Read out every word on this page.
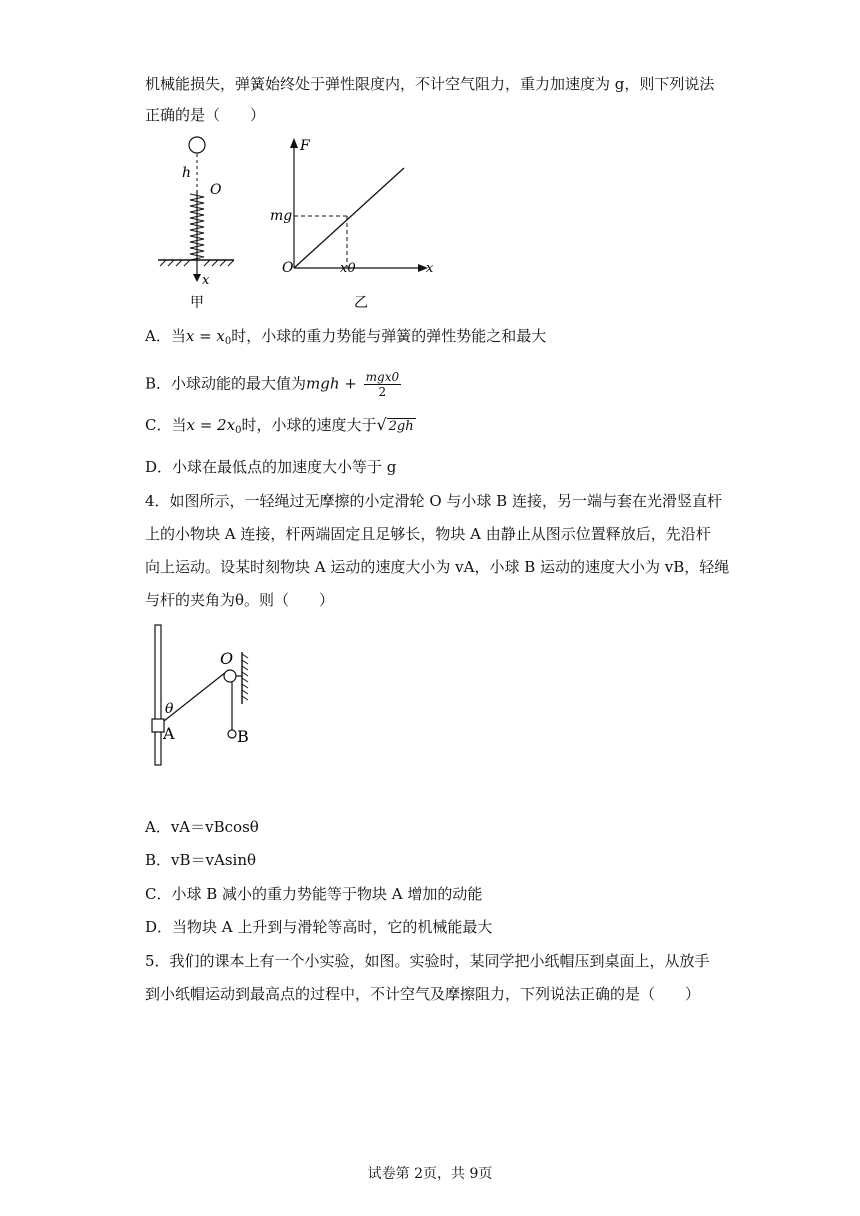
机械能损失，弹簧始终处于弹性限度内，不计空气阻力，重力加速度为 g，则下列说法
正确的是（　　）
h
O
x
甲
F
mg
O	x0	x
乙
A．当$x = x_0$时，小球的重力势能与弹簧的弹性势能之和最大
B．小球动能的最大值为mgh + $\frac{\text{mgx0}}{2}$
C．当$x = 2x_0$时，小球的速度大于√ 2gh
D．小球在最低点的加速度大小等于 g
4．如图所示，一轻绳过无摩擦的小定滑轮 O 与小球 B 连接，另一端与套在光滑竖直杆
上的小物块 A 连接，杆两端固定且足够长，物块 A 由静止从图示位置释放后，先沿杆
向上运动。设某时刻物块 A 运动的速度大小为 vA，小球 B 运动的速度大小为 vB，轻绳
与杆的夹角为θ。则（　　）
A
θ
O
B
A．vA＝vBcosθ
B．vB＝vAsinθ
C．小球 B 减小的重力势能等于物块 A 增加的动能
D．当物块 A 上升到与滑轮等高时，它的机械能最大
5．我们的课本上有一个小实验，如图。实验时，某同学把小纸帽压到桌面上，从放手
到小纸帽运动到最高点的过程中，不计空气及摩擦阻力，下列说法正确的是（　　）
试卷第 2页，共 9页
